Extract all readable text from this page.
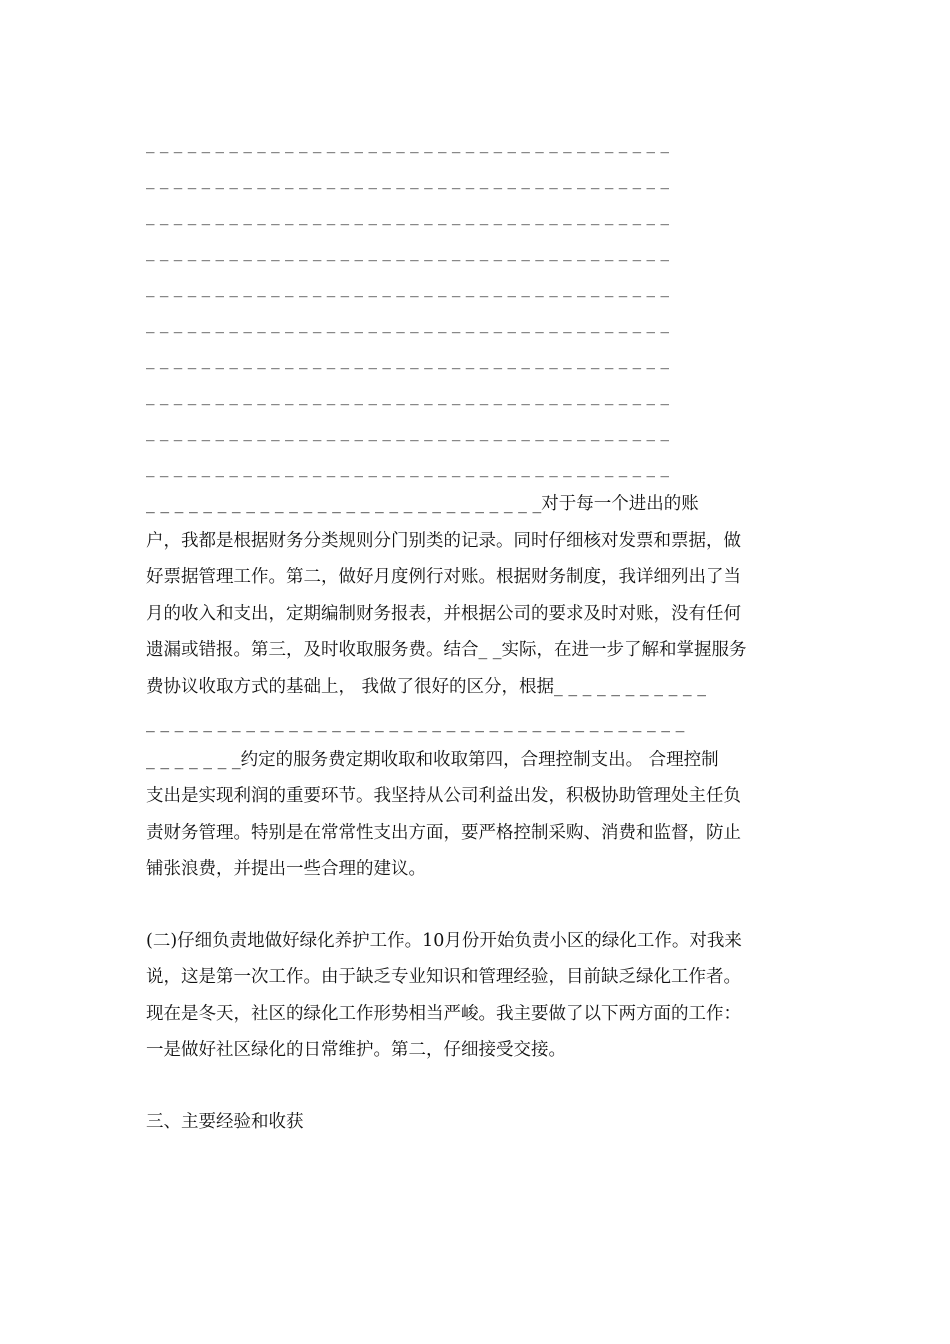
_ _ _ _ _ _ _ _ _ _ _ _ _ _ _ _ _ _ _ _ _ _ _ _ _ _ _ _ _ _ _ _ _ _ _ _ _ _
_ _ _ _ _ _ _ _ _ _ _ _ _ _ _ _ _ _ _ _ _ _ _ _ _ _ _ _ _ _ _ _ _ _ _ _ _ _
_ _ _ _ _ _ _ _ _ _ _ _ _ _ _ _ _ _ _ _ _ _ _ _ _ _ _ _ _ _ _ _ _ _ _ _ _ _
_ _ _ _ _ _ _ _ _ _ _ _ _ _ _ _ _ _ _ _ _ _ _ _ _ _ _ _ _ _ _ _ _ _ _ _ _ _
_ _ _ _ _ _ _ _ _ _ _ _ _ _ _ _ _ _ _ _ _ _ _ _ _ _ _ _ _ _ _ _ _ _ _ _ _ _
_ _ _ _ _ _ _ _ _ _ _ _ _ _ _ _ _ _ _ _ _ _ _ _ _ _ _ _ _ _ _ _ _ _ _ _ _ _
_ _ _ _ _ _ _ _ _ _ _ _ _ _ _ _ _ _ _ _ _ _ _ _ _ _ _ _ _ _ _ _ _ _ _ _ _ _
_ _ _ _ _ _ _ _ _ _ _ _ _ _ _ _ _ _ _ _ _ _ _ _ _ _ _ _ _ _ _ _ _ _ _ _ _ _
_ _ _ _ _ _ _ _ _ _ _ _ _ _ _ _ _ _ _ _ _ _ _ _ _ _ _ _ _ _ _ _ _ _ _ _ _ _
_ _ _ _ _ _ _ _ _ _ _ _ _ _ _ _ _ _ _ _ _ _ _ _ _ _ _ _ _ _ _ _ _ _ _ _ _ _

_ _ _ _ _ _ _ _ _ _ _ _ _ _ _ _ _ _ _ _ _ _ _ _ _ _ _ _对于每一个进出的账
户，我都是根据财务分类规则分门别类的记录。同时仔细核对发票和票据，做
好票据管理工作。第二，做好月度例行对账。根据财务制度，我详细列出了当
月的收入和支出，定期编制财务报表，并根据公司的要求及时对账，没有任何
遗漏或错报。第三，及时收取服务费。结合_ _实际，在进一步了解和掌握服务
费协议收取方式的基础上， 我做了很好的区分，根据_ _ _ _ _ _ _ _ _ _ _
_ _ _ _ _ _ _ _ _ _ _ _ _ _ _ _ _ _ _ _ _ _ _ _ _ _ _ _ _ _ _ _ _ _ _ _ _ _
_ _ _ _ _ _ _约定的服务费定期收取和收取第四，合理控制支出。 合理控制
支出是实现利润的重要环节。我坚持从公司利益出发，积极协助管理处主任负
责财务管理。特别是在常常性支出方面，要严格控制采购、消费和监督，防止
铺张浪费，并提出一些合理的建议。

(二)仔细负责地做好绿化养护工作。10月份开始负责小区的绿化工作。对我来
说，这是第一次工作。由于缺乏专业知识和管理经验，目前缺乏绿化工作者。
现在是冬天，社区的绿化工作形势相当严峻。我主要做了以下两方面的工作：
一是做好社区绿化的日常维护。第二，仔细接受交接。

三、主要经验和收获
